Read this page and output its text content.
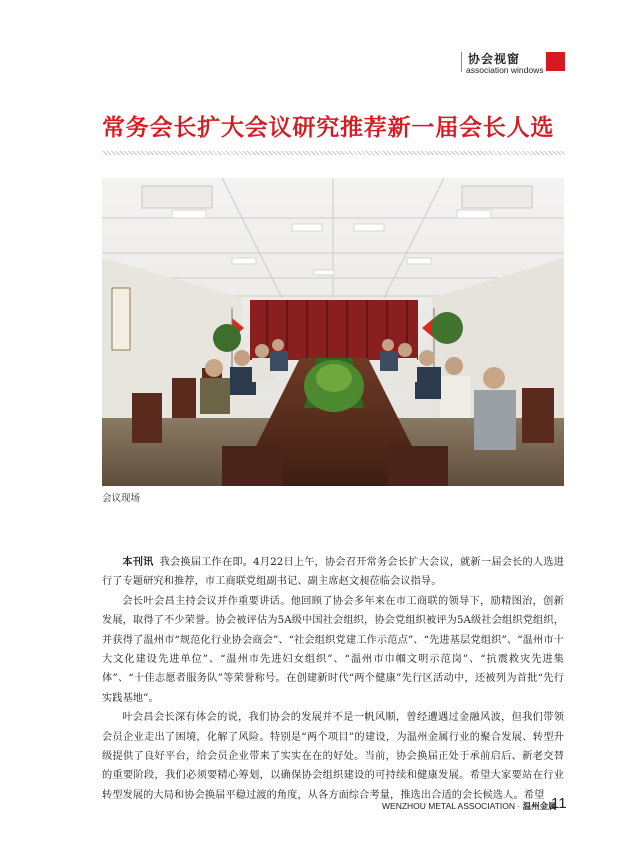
协会视窗
association windows
常务会长扩大会议研究推荐新一届会长人选
会议现场

本刊讯 我会换届工作在即。4月22日上午，协会召开常务会长扩大会议，就新一届会长的人选进行了专题研究和推荐，市工商联党组副书记、副主席赵文昶莅临会议指导。

会长叶会昌主持会议并作重要讲话。他回顾了协会多年来在市工商联的领导下，励精图治，创新发展，取得了不少荣誉。协会被评估为5A级中国社会组织，协会党组织被评为5A级社会组织党组织，并获得了温州市“规范化行业协会商会”、“社会组织党建工作示范点”、“先进基层党组织”、“温州市十大文化建设先进单位”、“温州市先进妇女组织”、“温州市巾帼文明示范岗”、“抗震救灾先进集体”、“十佳志愿者服务队”等荣誉称号。在创建新时代“两个健康”先行区活动中，还被列为首批“先行实践基地”。

叶会昌会长深有体会的说，我们协会的发展并不是一帆风顺，曾经遭遇过金融风波，但我们带领会员企业走出了困境，化解了风险。特别是“两个项目”的建设，为温州金属行业的聚合发展、转型升级提供了良好平台，给会员企业带来了实实在在的好处。当前，协会换届正处于承前启后、新老交替的重要阶段，我们必须要精心筹划，以确保协会组织建设的可持续和健康发展。希望大家要站在行业转型发展的大局和协会换届平稳过渡的角度，从各方面综合考量，推选出合适的会长候选人。希望

WENZHOU METAL ASSOCIATION · 温州金属
11
